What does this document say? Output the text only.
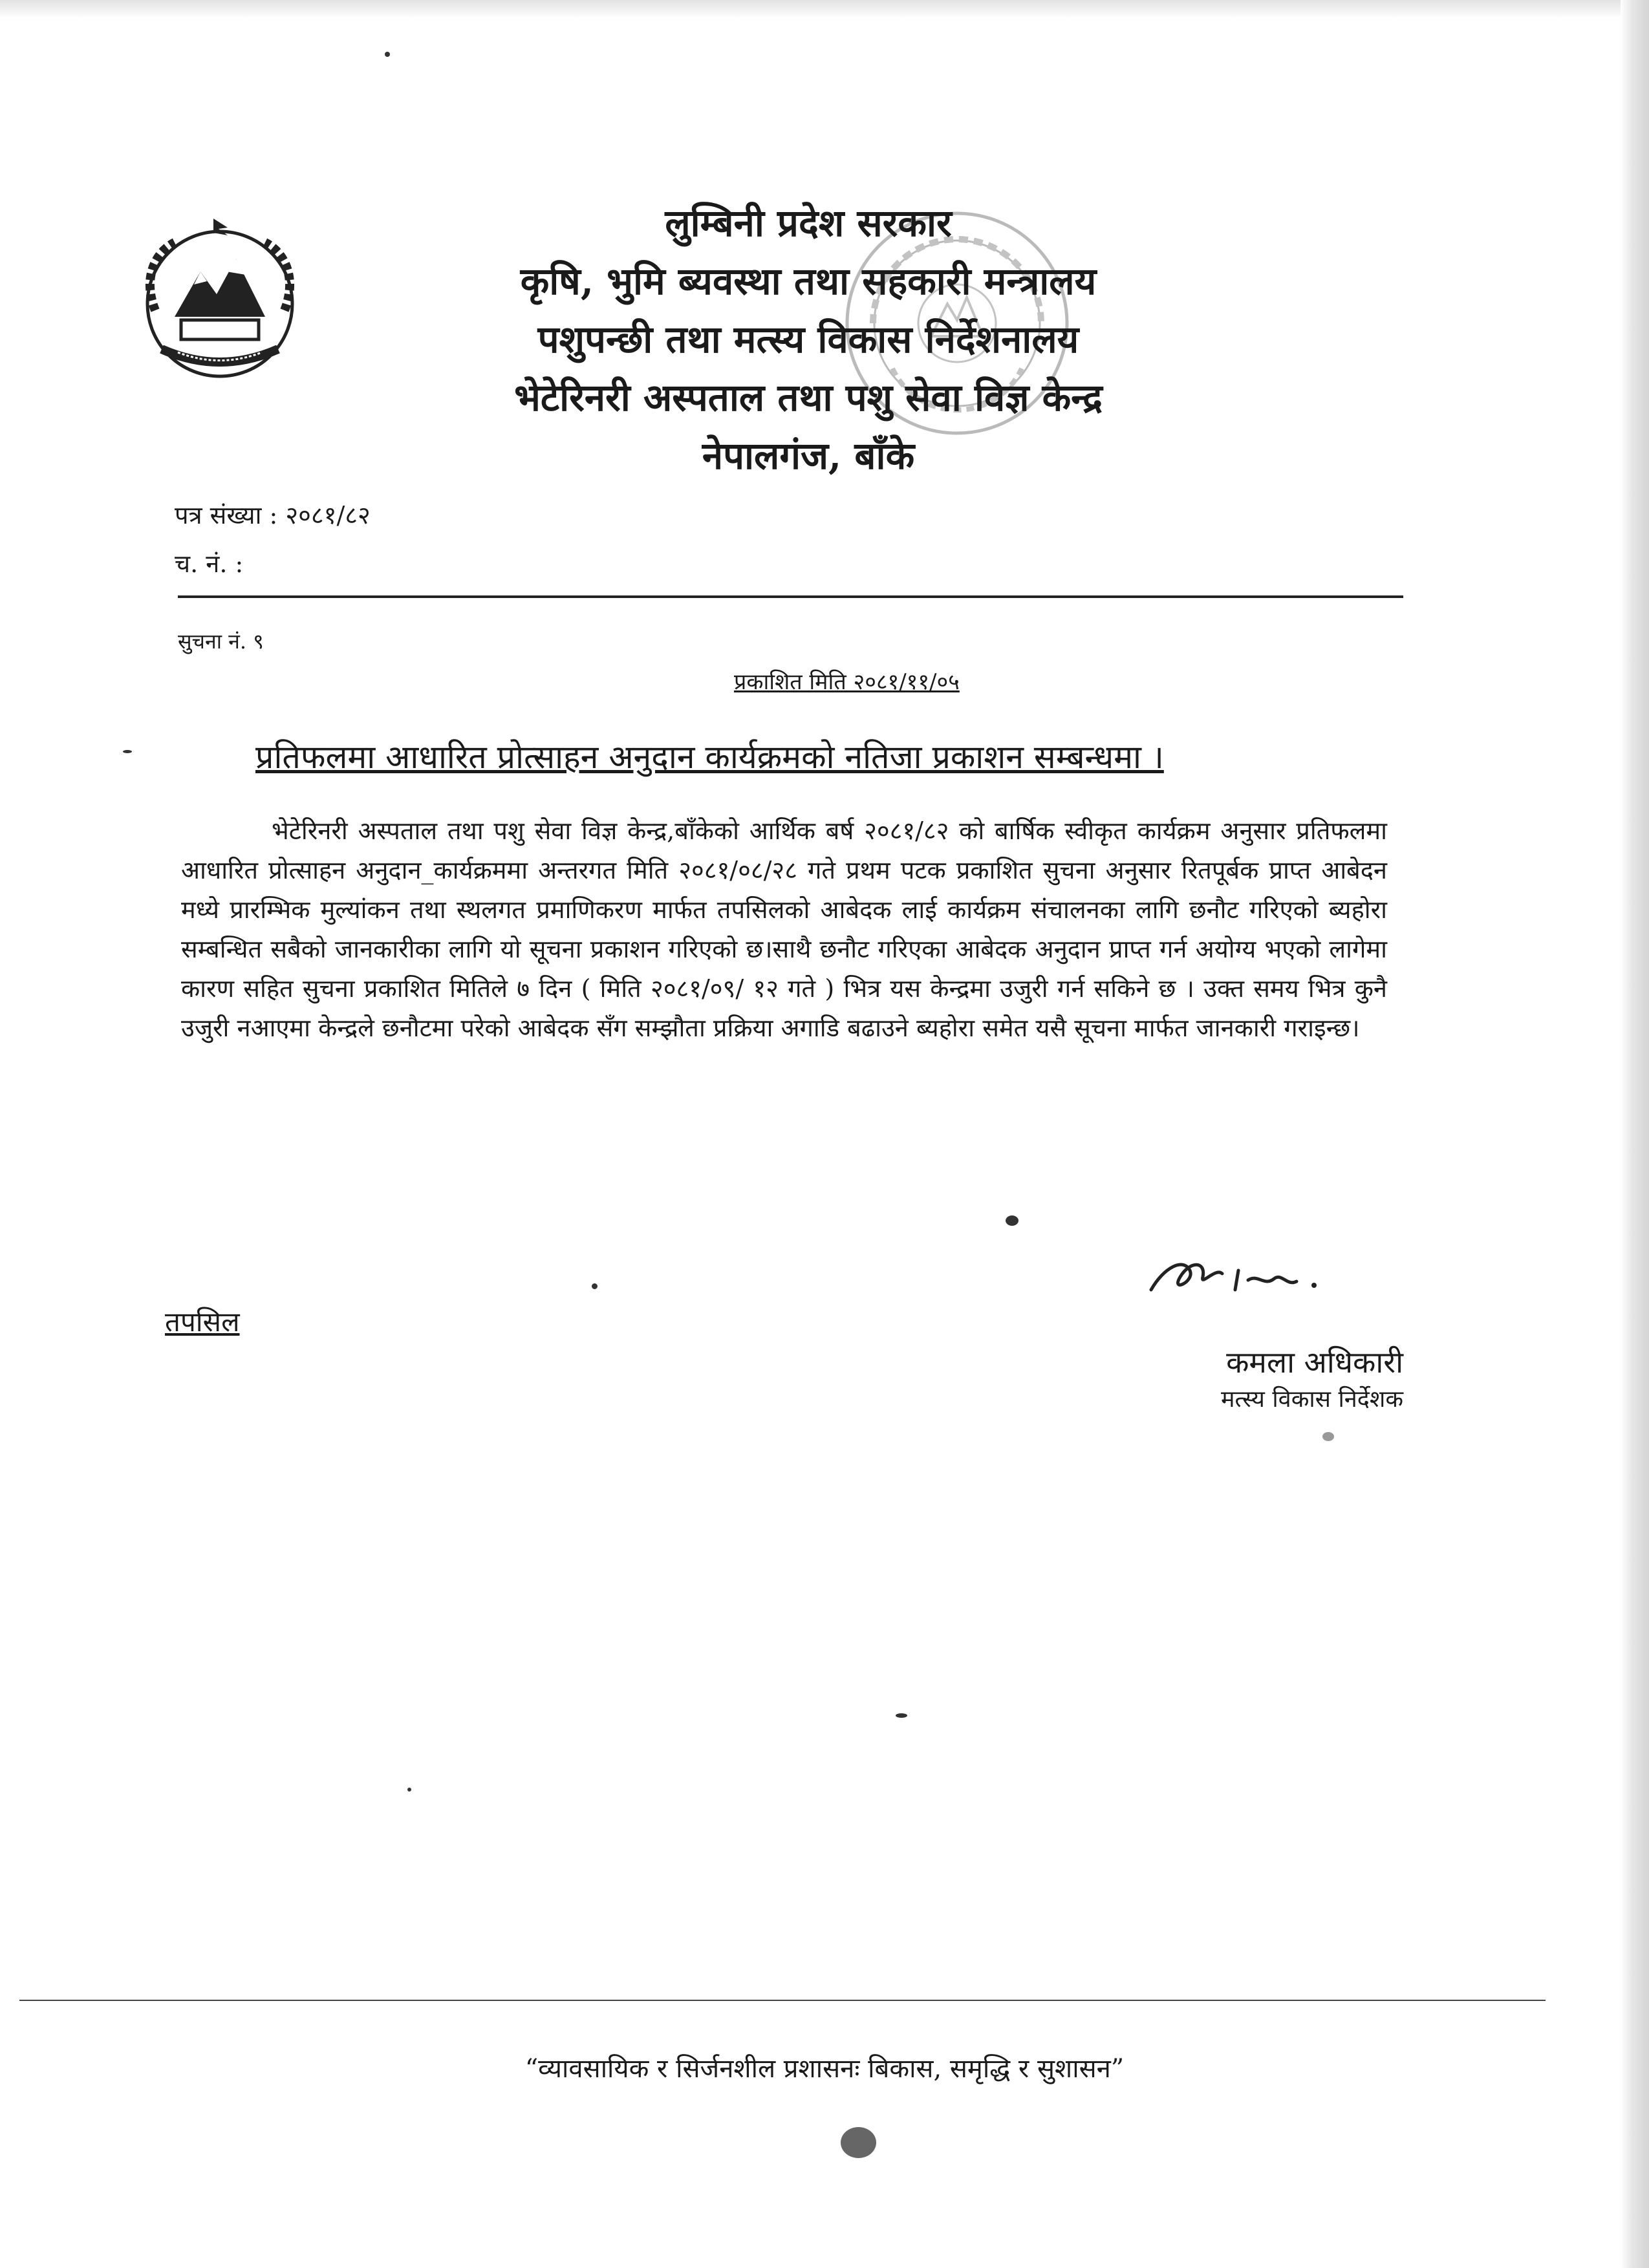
लुम्बिनी प्रदेश सरकार
कृषि, भुमि ब्यवस्था तथा सहकारी मन्त्रालय
पशुपन्छी तथा मत्स्य विकास निर्देशनालय
भेटेरिनरी अस्पताल तथा पशु सेवा विज्ञ केन्द्र
नेपालगंज, बाँके
पत्र संख्या : २०८१/८२
च. नं. :
सुचना नं. ९
प्रकाशित मिति २०८१/११/०५
प्रतिफलमा आधारित प्रोत्साहन अनुदान कार्यक्रमको नतिजा प्रकाशन सम्बन्धमा ।
भेटेरिनरी अस्पताल तथा पशु सेवा विज्ञ केन्द्र,बाँकेको आर्थिक बर्ष २०८१/८२ को बार्षिक स्वीकृत कार्यक्रम अनुसार प्रतिफलमा आधारित प्रोत्साहन अनुदान_कार्यक्रममा अन्तरगत मिति २०८१/०८/२८ गते प्रथम पटक प्रकाशित सुचना अनुसार रितपूर्बक प्राप्त आबेदन मध्ये प्रारम्भिक मुल्यांकन तथा स्थलगत प्रमाणिकरण मार्फत तपसिलको आबेदक लाई कार्यक्रम संचालनका लागि छनौट गरिएको ब्यहोरा सम्बन्धित सबैको जानकारीका लागि यो सूचना प्रकाशन गरिएको छ।साथै छनौट गरिएका आबेदक अनुदान प्राप्त गर्न अयोग्य भएको लागेमा कारण सहित सुचना प्रकाशित मितिले ७ दिन ( मिति २०८१/०९/ १२ गते ) भित्र यस केन्द्रमा उजुरी गर्न सकिने छ । उक्त समय भित्र कुनै उजुरी नआएमा केन्द्रले छनौटमा परेको आबेदक सँग सम्झौता प्रक्रिया अगाडि बढाउने ब्यहोरा समेत यसै सूचना मार्फत जानकारी गराइन्छ।
तपसिल
कमला अधिकारी
मत्स्य विकास निर्देशक
“व्यावसायिक र सिर्जनशील प्रशासनः बिकास, समृद्धि र सुशासन”
